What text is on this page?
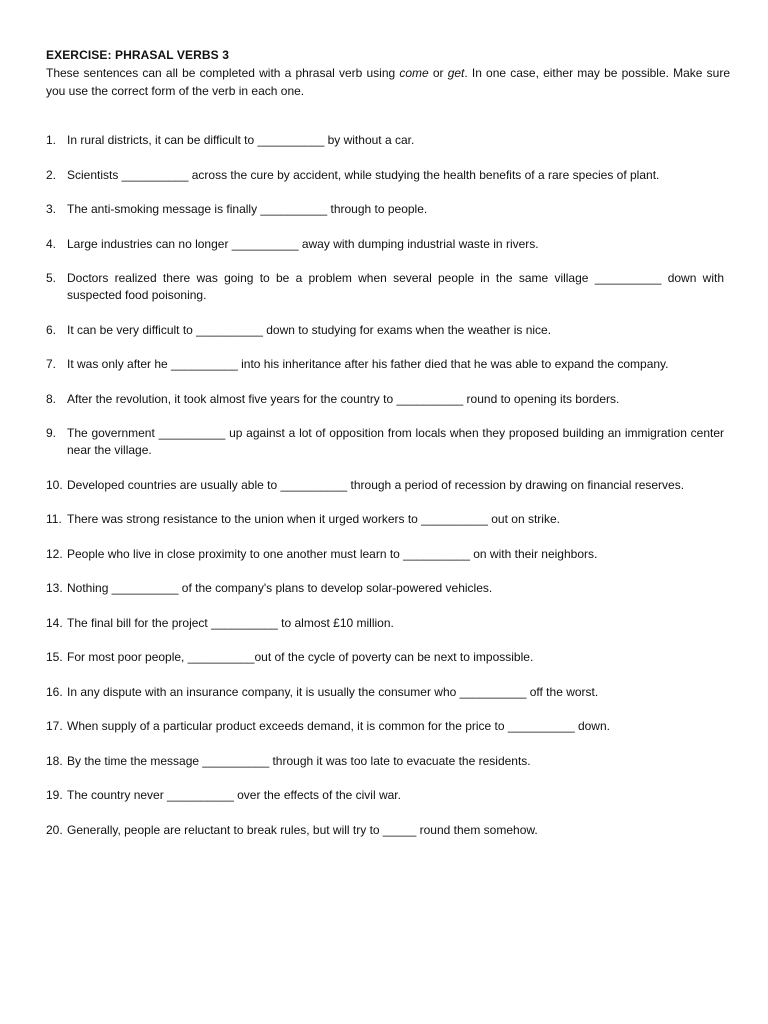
EXERCISE: PHRASAL VERBS 3
These sentences can all be completed with a phrasal verb using come or get. In one case, either may be possible. Make sure you use the correct form of the verb in each one.
1. In rural districts, it can be difficult to __________ by without a car.
2. Scientists __________ across the cure by accident, while studying the health benefits of a rare species of plant.
3. The anti-smoking message is finally __________ through to people.
4. Large industries can no longer __________ away with dumping industrial waste in rivers.
5. Doctors realized there was going to be a problem when several people in the same village __________ down with suspected food poisoning.
6. It can be very difficult to __________ down to studying for exams when the weather is nice.
7. It was only after he __________ into his inheritance after his father died that he was able to expand the company.
8. After the revolution, it took almost five years for the country to __________ round to opening its borders.
9. The government __________ up against a lot of opposition from locals when they proposed building an immigration center near the village.
10. Developed countries are usually able to __________ through a period of recession by drawing on financial reserves.
11. There was strong resistance to the union when it urged workers to __________ out on strike.
12. People who live in close proximity to one another must learn to __________ on with their neighbors.
13. Nothing __________ of the company's plans to develop solar-powered vehicles.
14. The final bill for the project __________ to almost £10 million.
15. For most poor people, __________out of the cycle of poverty can be next to impossible.
16. In any dispute with an insurance company, it is usually the consumer who __________ off the worst.
17. When supply of a particular product exceeds demand, it is common for the price to __________ down.
18. By the time the message __________ through it was too late to evacuate the residents.
19. The country never __________ over the effects of the civil war.
20. Generally, people are reluctant to break rules, but will try to _____ round them somehow.
